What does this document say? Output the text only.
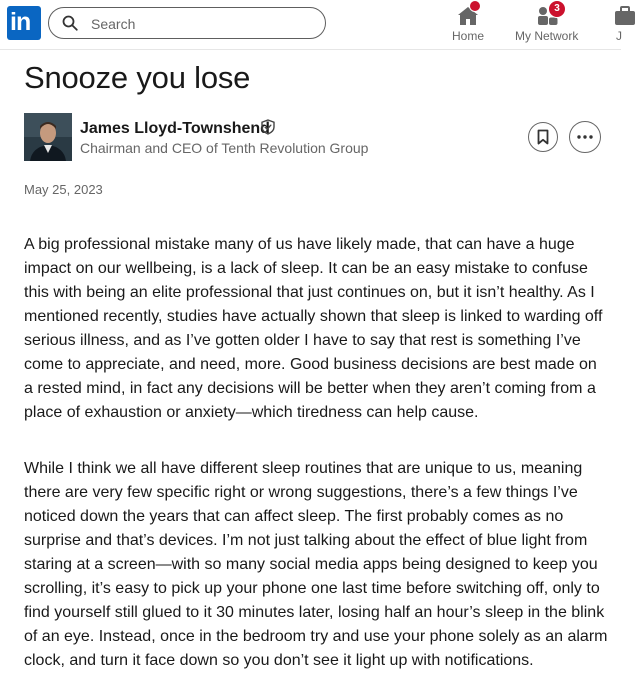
in
Search	Home
3
My Network	J
Snooze you lose
James Lloyd-Townshend
Chairman and CEO of Tenth Revolution Group
May 25, 2023

A big professional mistake many of us have likely made, that can have a huge impact on our wellbeing, is a lack of sleep. It can be an easy mistake to confuse this with being an elite professional that just continues on, but it isn’t healthy. As I mentioned recently, studies have actually shown that sleep is linked to warding off serious illness, and as I’ve gotten older I have to say that rest is something I’ve come to appreciate, and need, more. Good business decisions are best made on a rested mind, in fact any decisions will be better when they aren’t coming from a place of exhaustion or anxiety—which tiredness can help cause.

While I think we all have different sleep routines that are unique to us, meaning there are very few specific right or wrong suggestions, there’s a few things I’ve noticed down the years that can affect sleep. The first probably comes as no surprise and that’s devices. I’m not just talking about the effect of blue light from staring at a screen—with so many social media apps being designed to keep you scrolling, it’s easy to pick up your phone one last time before switching off, only to find yourself still glued to it 30 minutes later, losing half an hour’s sleep in the blink of an eye. Instead, once in the bedroom try and use your phone solely as an alarm clock, and turn it face down so you don’t see it light up with notifications.
